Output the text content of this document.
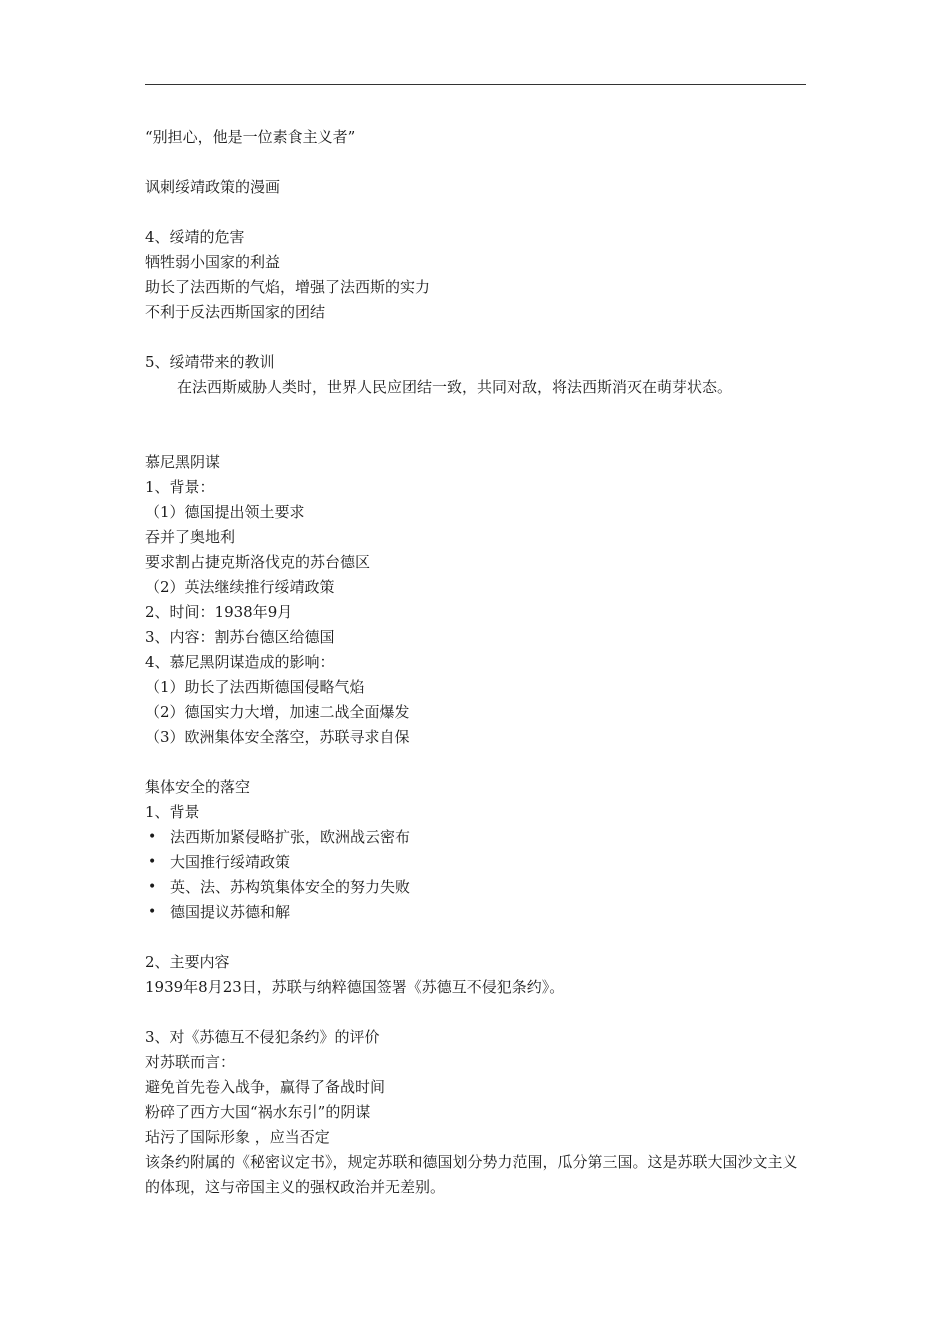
“别担心，他是一位素食主义者”
讽刺绥靖政策的漫画
4、绥靖的危害
牺牲弱小国家的利益
助长了法西斯的气焰，增强了法西斯的实力
不利于反法西斯国家的团结
5、绥靖带来的教训
在法西斯威胁人类时，世界人民应团结一致，共同对敌，将法西斯消灭在萌芽状态。
慕尼黑阴谋
1、背景：
（1）德国提出领土要求
吞并了奥地利
要求割占捷克斯洛伐克的苏台德区
（2）英法继续推行绥靖政策
2、时间：1938年9月
3、内容：割苏台德区给德国
4、慕尼黑阴谋造成的影响：
（1）助长了法西斯德国侵略气焰
（2）德国实力大增，加速二战全面爆发
（3）欧洲集体安全落空，苏联寻求自保
集体安全的落空
1、背景
• 法西斯加紧侵略扩张，欧洲战云密布
• 大国推行绥靖政策
• 英、法、苏构筑集体安全的努力失败
• 德国提议苏德和解
2、主要内容
1939年8月23日，苏联与纳粹德国签署《苏德互不侵犯条约》。
3、对《苏德互不侵犯条约》的评价
对苏联而言：
避免首先卷入战争，赢得了备战时间
粉碎了西方大国“祸水东引”的阴谋
玷污了国际形象 ，应当否定
该条约附属的《秘密议定书》，规定苏联和德国划分势力范围，瓜分第三国。这是苏联大国沙文主义的体现，这与帝国主义的强权政治并无差别。
